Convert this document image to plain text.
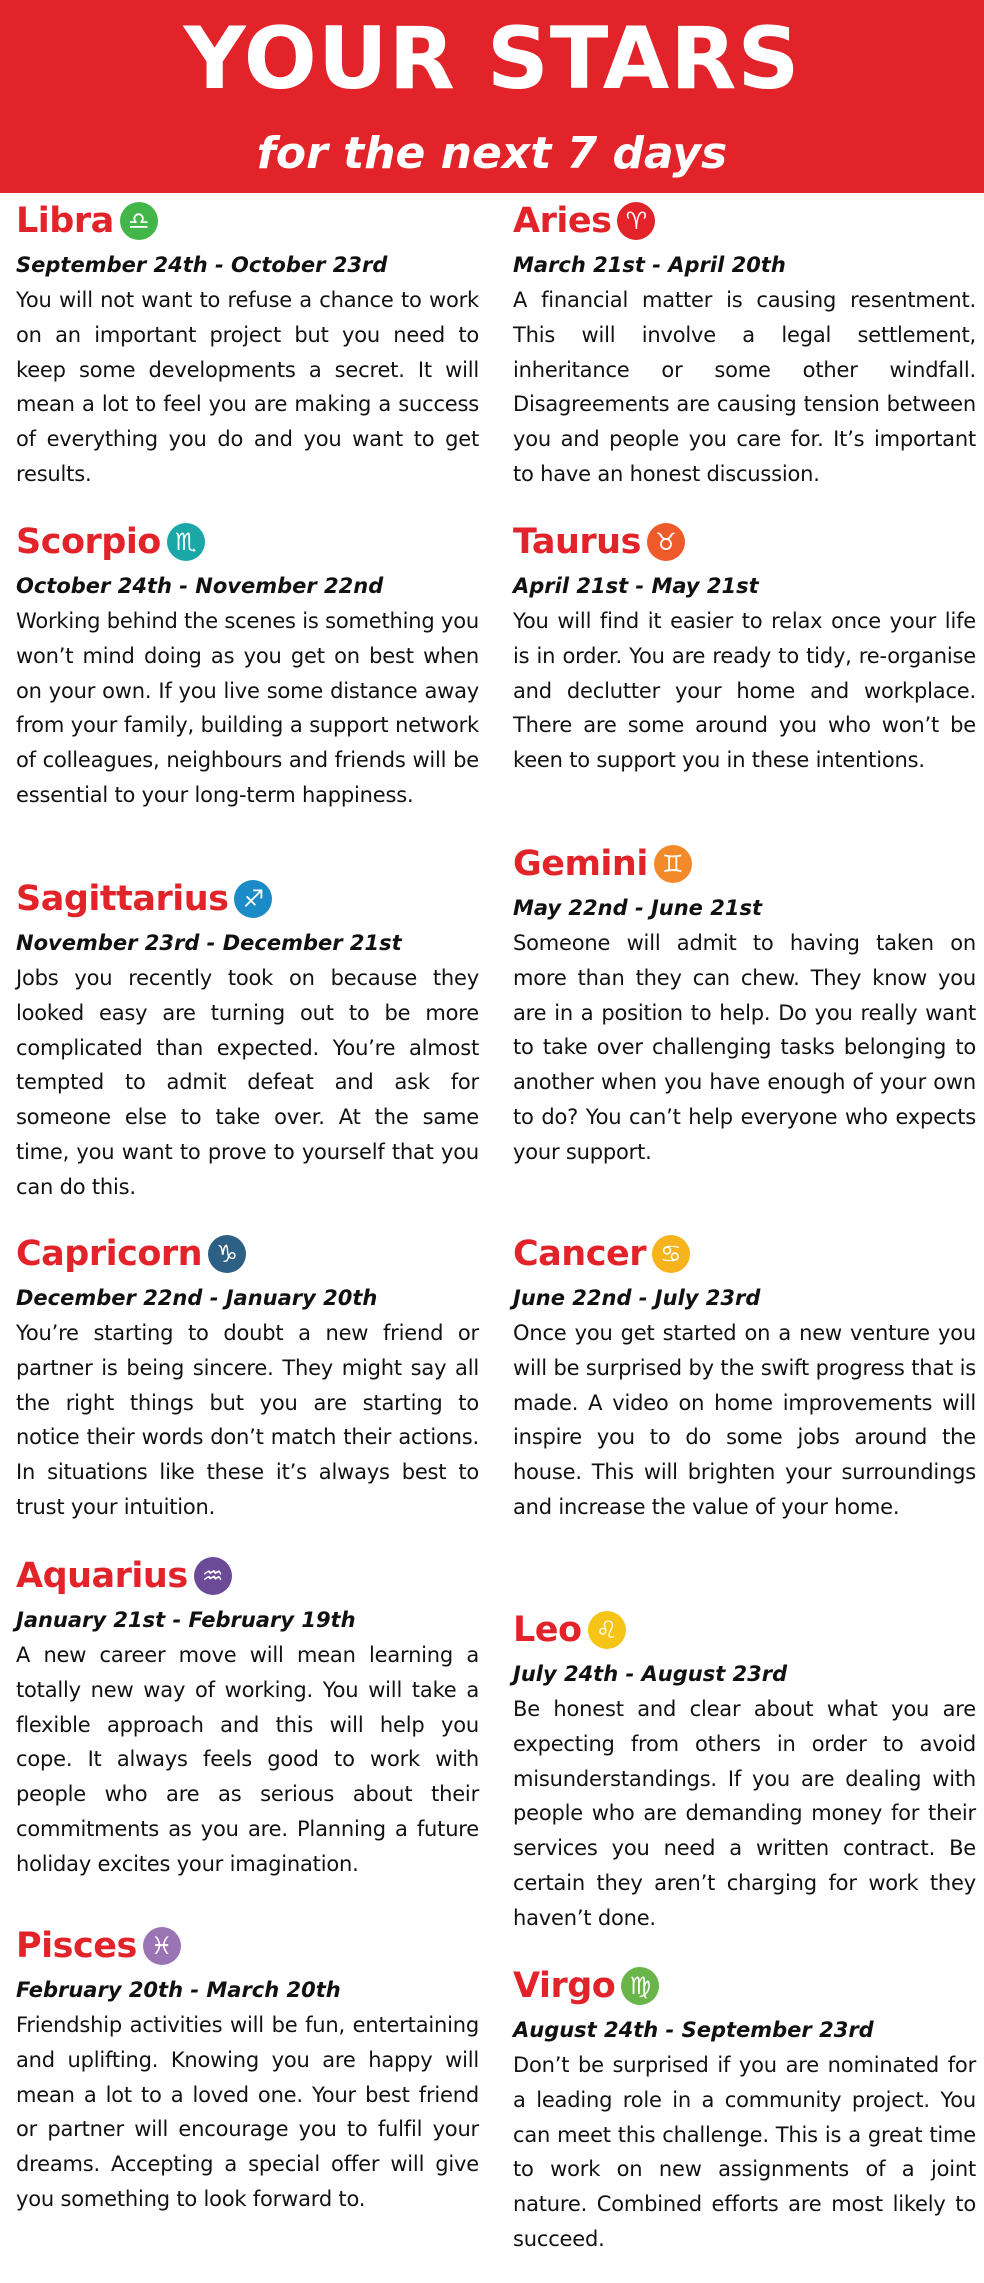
YOUR STARS
for the next 7 days
Libra ♎
September 24th - October 23rd
You will not want to refuse a chance to work on an important project but you need to keep some developments a secret. It will mean a lot to feel you are making a success of everything you do and you want to get results.
Scorpio ♏
October 24th - November 22nd
Working behind the scenes is something you won’t mind doing as you get on best when on your own. If you live some distance away from your family, building a support network of colleagues, neighbours and friends will be essential to your long-term happiness.
Sagittarius ♐
November 23rd - December 21st
Jobs you recently took on because they looked easy are turning out to be more complicated than expected. You’re almost tempted to admit defeat and ask for someone else to take over. At the same time, you want to prove to yourself that you can do this.
Capricorn ♑
December 22nd - January 20th
You’re starting to doubt a new friend or partner is being sincere. They might say all the right things but you are starting to notice their words don’t match their actions. In situations like these it’s always best to trust your intuition.
Aquarius ♒
January 21st - February 19th
A new career move will mean learning a totally new way of working. You will take a flexible approach and this will help you cope. It always feels good to work with people who are as serious about their commitments as you are. Planning a future holiday excites your imagination.
Pisces ♓
February 20th - March 20th
Friendship activities will be fun, entertaining and uplifting. Knowing you are happy will mean a lot to a loved one. Your best friend or partner will encourage you to fulfil your dreams. Accepting a special offer will give you something to look forward to.
Aries ♈
March 21st - April 20th
A financial matter is causing resentment. This will involve a legal settlement, inheritance or some other windfall. Disagreements are causing tension between you and people you care for. It’s important to have an honest discussion.
Taurus ♉
April 21st - May 21st
You will find it easier to relax once your life is in order. You are ready to tidy, re-organise and declutter your home and workplace. There are some around you who won’t be keen to support you in these intentions.
Gemini ♊
May 22nd - June 21st
Someone will admit to having taken on more than they can chew. They know you are in a position to help. Do you really want to take over challenging tasks belonging to another when you have enough of your own to do? You can’t help everyone who expects your support.
Cancer ♋
June 22nd - July 23rd
Once you get started on a new venture you will be surprised by the swift progress that is made. A video on home improvements will inspire you to do some jobs around the house. This will brighten your surroundings and increase the value of your home.
Leo ♌
July 24th - August 23rd
Be honest and clear about what you are expecting from others in order to avoid misunderstandings. If you are dealing with people who are demanding money for their services you need a written contract. Be certain they aren’t charging for work they haven’t done.
Virgo ♍
August 24th - September 23rd
Don’t be surprised if you are nominated for a leading role in a community project. You can meet this challenge. This is a great time to work on new assignments of a joint nature. Combined efforts are most likely to succeed.
